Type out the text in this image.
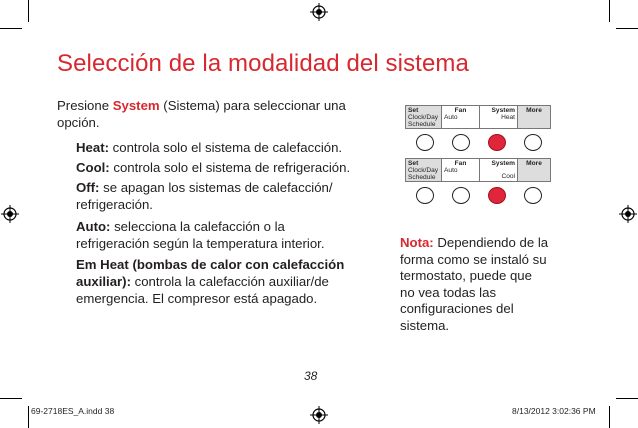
Selección de la modalidad del sistema
Presione System (Sistema) para seleccionar una opción.
Heat: controla solo el sistema de calefacción.
Cool: controla solo el sistema de refrigeración.
Off: se apagan los sistemas de calefacción/ refrigeración.
Auto: selecciona la calefacción o la refrigeración según la temperatura interior.
Em Heat (bombas de calor con calefacción auxiliar): controla la calefacción auxiliar/de emergencia. El compresor está apagado.
Set
Clock/Day
Schedule
Fan
Auto
System
Heat
More
Set
Clock/Day
Schedule
Fan
Auto
System
Cool
More
Nota: Dependiendo de la forma como se instaló su termostato, puede que no vea todas las configuraciones del sistema.
38
69-2718ES_A.indd 38	8/13/2012 3:02:36 PM
